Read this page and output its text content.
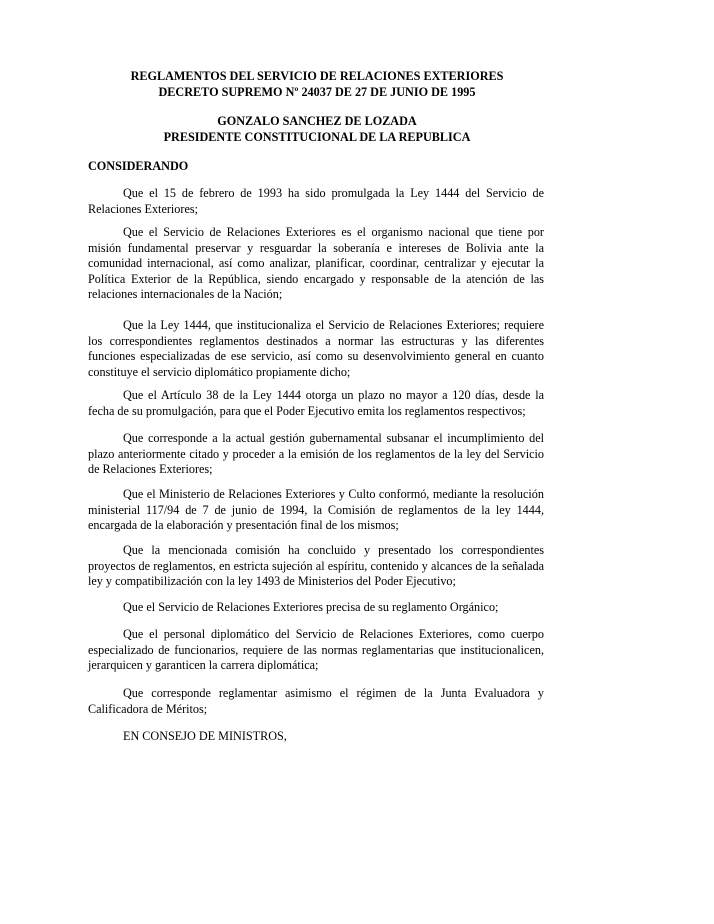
REGLAMENTOS DEL SERVICIO DE RELACIONES EXTERIORES
DECRETO SUPREMO Nº 24037 DE 27 DE JUNIO DE 1995
GONZALO SANCHEZ DE LOZADA
PRESIDENTE CONSTITUCIONAL DE LA REPUBLICA
CONSIDERANDO
Que el 15 de febrero de 1993 ha sido promulgada la Ley 1444 del Servicio de Relaciones Exteriores;
Que el Servicio de Relaciones Exteriores es el organismo nacional que tiene por misión fundamental preservar y resguardar la soberanía e intereses de Bolivia ante la comunidad internacional, así como analizar, planificar, coordinar, centralizar y ejecutar la Política Exterior de la República, siendo encargado y responsable de la atención de las relaciones internacionales de la Nación;
Que la Ley 1444, que institucionaliza el Servicio de Relaciones Exteriores; requiere los correspondientes reglamentos destinados a normar las estructuras y las diferentes funciones especializadas de ese servicio, así como su desenvolvimiento general en cuanto constituye el servicio diplomático propiamente dicho;
Que el Artículo 38 de la Ley 1444 otorga un plazo no mayor a 120 días, desde la fecha de su promulgación, para que el Poder Ejecutivo emita los reglamentos respectivos;
Que corresponde a la actual gestión gubernamental subsanar el incumplimiento del plazo anteriormente citado y proceder a la emisión de los reglamentos de la ley del Servicio de Relaciones Exteriores;
Que el Ministerio de Relaciones Exteriores y Culto conformó, mediante la resolución ministerial 117/94 de 7 de junio de 1994, la Comisión de reglamentos de la ley 1444, encargada de la elaboración y presentación final de los mismos;
Que la mencionada comisión ha concluido y presentado los correspondientes proyectos de reglamentos, en estricta sujeción al espíritu, contenido y alcances de la señalada ley y compatibilización con la ley 1493 de Ministerios del Poder Ejecutivo;
Que el Servicio de Relaciones Exteriores precisa de su reglamento Orgánico;
Que el personal diplomático del Servicio de Relaciones Exteriores, como cuerpo especializado de funcionarios, requiere de las normas reglamentarias que institucionalicen, jerarquicen y garanticen la carrera diplomática;
Que corresponde reglamentar asimismo el régimen de la Junta Evaluadora y Calificadora de Méritos;
EN CONSEJO DE MINISTROS,
